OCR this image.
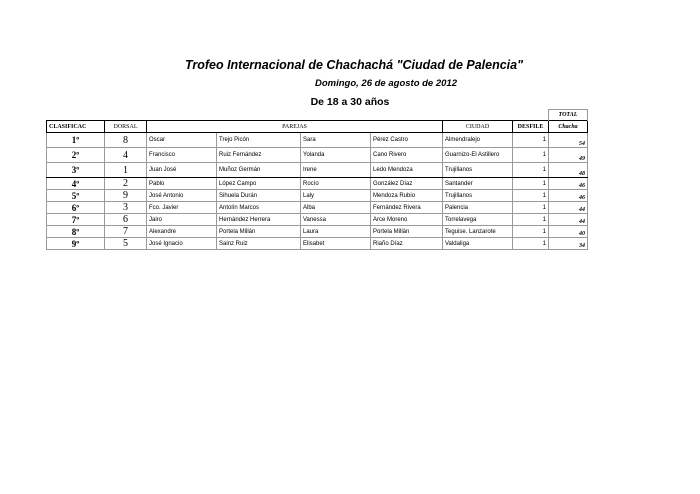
Trofeo Internacional de Chachachá "Ciudad de Palencia"
Domingo, 26 de agosto de 2012
De 18 a 30 años
								TOTAL
CLASIFICAC	DORSAL	PAREJAS				CIUDAD	DESFILE	Chacha
1º	8	Oscar	Trejo Picón	Sara	Pérez Castro	Almendralejo	1	54
2º	4	Francisco	Ruiz Fernández	Yolanda	Cano Rivero	Guarnizo-El Astillero	1	49
3º	1	Juan José	Muñoz Germán	Irene	Ledo Mendoza	Trujillanos	1	48
4º	2	Pablo	López Campo	Rocío	González Díaz	Santander	1	46
5º	9	José Antonio	Sihuela Durán	Laly	Mendoza Rubio	Trujillanos	1	46
6º	3	Fco. Javier	Antolín Marcos	Alba	Fernández Rivera	Palencia	1	44
7º	6	Jairo	Hernández Herrera	Vanessa	Arce Moreno	Torrelavega	1	44
8º	7	Alexandre	Portela Millán	Laura	Portela Millán	Teguise. Lanzarote	1	40
9º	5	José Ignacio	Sainz Ruiz	Elisabet	Riaño Díaz	Valdaliga	1	34
